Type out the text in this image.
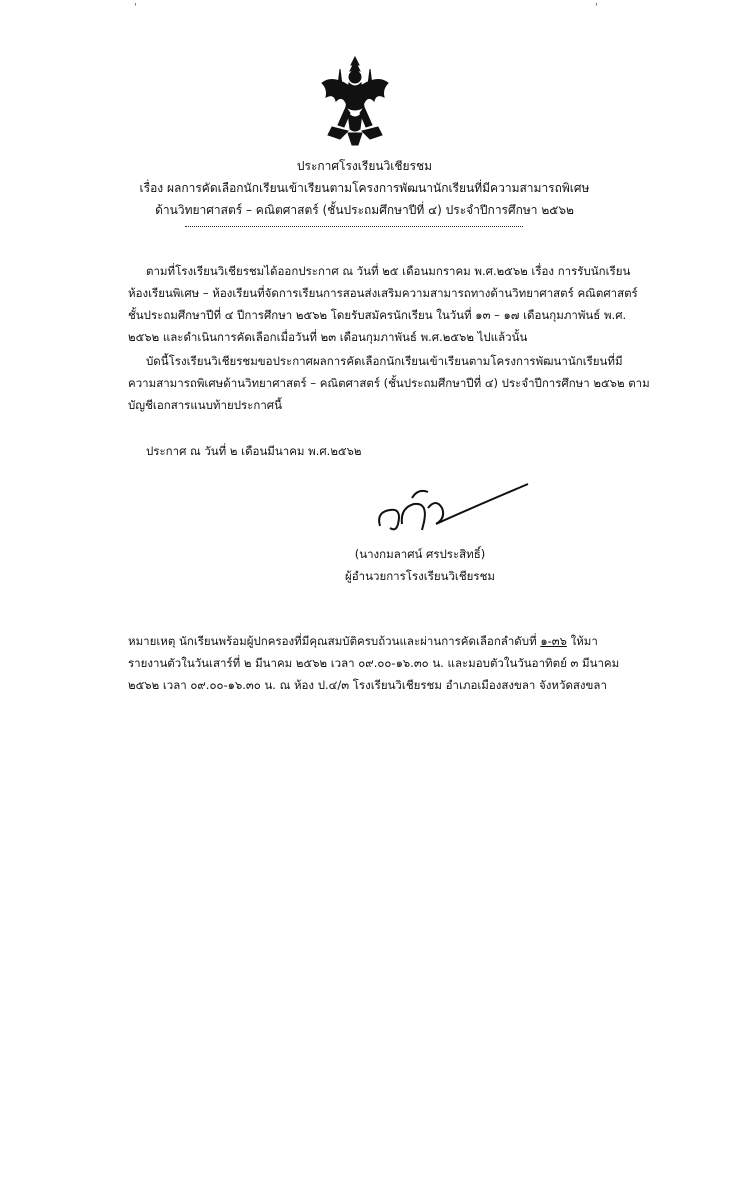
'	'
ประกาศโรงเรียนวิเชียรชม
เรื่อง ผลการคัดเลือกนักเรียนเข้าเรียนตามโครงการพัฒนานักเรียนที่มีความสามารถพิเศษ
ด้านวิทยาศาสตร์ – คณิตศาสตร์ (ชั้นประถมศึกษาปีที่ ๔) ประจำปีการศึกษา ๒๕๖๒
ตามที่โรงเรียนวิเชียรชมได้ออกประกาศ ณ วันที่ ๒๕ เดือนมกราคม พ.ศ.๒๕๖๒ เรื่อง การรับนักเรียน
ห้องเรียนพิเศษ – ห้องเรียนที่จัดการเรียนการสอนส่งเสริมความสามารถทางด้านวิทยาศาสตร์ คณิตศาสตร์
ชั้นประถมศึกษาปีที่ ๔ ปีการศึกษา ๒๕๖๒ โดยรับสมัครนักเรียน ในวันที่ ๑๓ – ๑๗ เดือนกุมภาพันธ์ พ.ศ.
๒๕๖๒ และดำเนินการคัดเลือกเมื่อวันที่ ๒๓ เดือนกุมภาพันธ์ พ.ศ.๒๕๖๒ ไปแล้วนั้น
บัดนี้โรงเรียนวิเชียรชมขอประกาศผลการคัดเลือกนักเรียนเข้าเรียนตามโครงการพัฒนานักเรียนที่มี
ความสามารถพิเศษด้านวิทยาศาสตร์ – คณิตศาสตร์ (ชั้นประถมศึกษาปีที่ ๔) ประจำปีการศึกษา ๒๕๖๒ ตาม
บัญชีเอกสารแนบท้ายประกาศนี้
ประกาศ ณ วันที่ ๒ เดือนมีนาคม พ.ศ.๒๕๖๒
(นางกมลาศน์ ศรประสิทธิ์)
ผู้อำนวยการโรงเรียนวิเชียรชม
หมายเหตุ นักเรียนพร้อมผู้ปกครองที่มีคุณสมบัติครบถ้วนและผ่านการคัดเลือกลำดับที่ ๑-๓๖ ให้มา
รายงานตัวในวันเสาร์ที่ ๒ มีนาคม ๒๕๖๒ เวลา ๐๙.๐๐-๑๖.๓๐ น. และมอบตัวในวันอาทิตย์ ๓ มีนาคม
๒๕๖๒ เวลา ๐๙.๐๐-๑๖.๓๐ น. ณ ห้อง ป.๔/๓ โรงเรียนวิเชียรชม อำเภอเมืองสงขลา จังหวัดสงขลา
